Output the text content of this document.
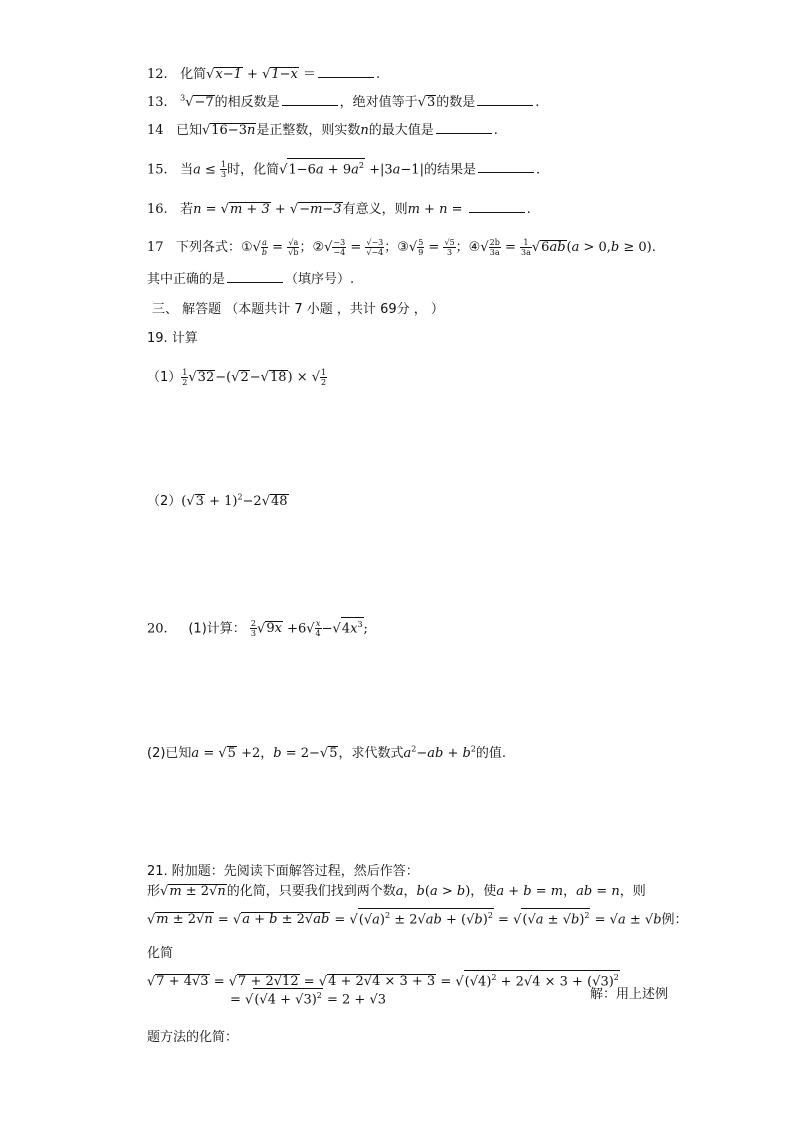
12. 化简√x−1 + √1−x ＝	.
13. $^3$√−7的相反数是	，绝对值等于√3的数是	.
14 已知√16−3n是正整数，则实数n的最大值是	.
15. 当$a \le \frac{1}{3}$ 时，化简$√1-6a + 9a^2 +|3a-1|$的结果是	.
16. 若n = √m + 3 + √−m−3有意义，则m + n =	.
17 下列各式：①√ $\frac{a}{b} = \frac{√a}{√b}$ ；②√ $\frac{-3}{-4} = \frac{√-3}{√-4}$ ；③√ $\frac{5}{9} = \frac{√5}{3}$ ；④√ $\frac{2b}{3a} = \frac{1}{3a} √6ab(a > 0,b \ge 0)$.
其中正确的是	（填序号）.
三、 解答题 （本题共计 7 小题 ，共计 69分 ， ）
19. 计算
$(1) \frac{1}{2} √32-(√2-√18)$ × √ $\frac{1}{2}$
$(2)(√3 + 1)^2-2√48$
20. (1)计算： $\frac{2}{3} √9x +6√ \frac{x}{4} -√4x^3$;
(2)已知a = √5 +2，b = 2−√5，求代数式$a^2-ab + b^2$的值.
21. 附加题：先阅读下面解答过程，然后作答：
形√m ± 2√n的化简，只要我们找到两个数a，b(a > b)，使a + b = m，ab = n，则
$√m \pm 2√n = √a + b \pm 2√ab = √(√a)^2 \pm 2√ab + (√b)^2 = √(√a \pm √b)^2 = √a \pm √b$例：
化简
$√7 + 4√3 = √7 + 2√12 = √4 + 2√4 \times 3 + 3 = √(√4)^2 + 2√4 \times 3 + (√3)^2$
= $√(√4 + √3)^2 = 2 + √3$	解：用上述例
题方法的化简：
